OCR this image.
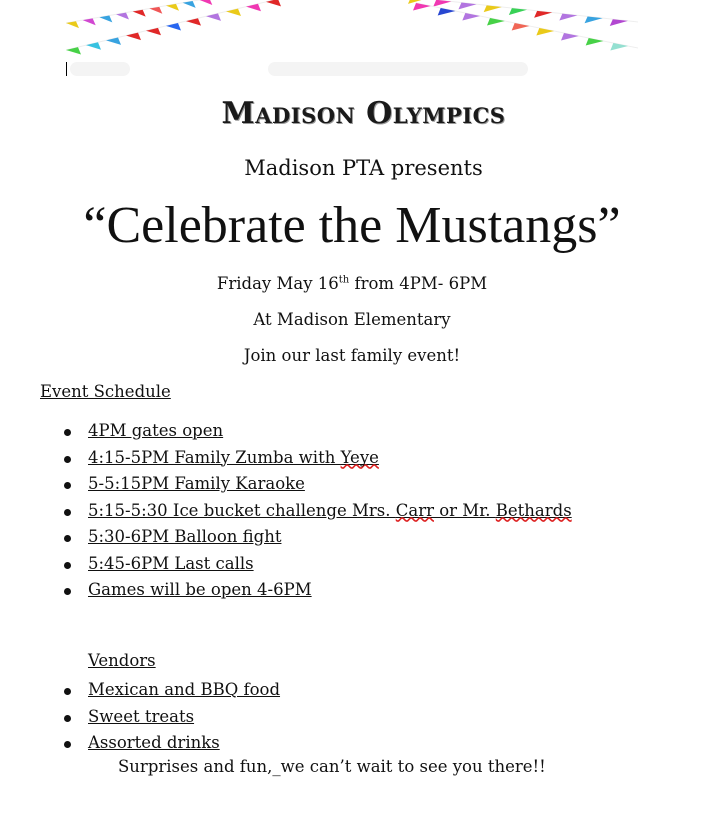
Madison Olympics
Madison PTA presents
“Celebrate the Mustangs”
Friday May 16th from 4PM- 6PM
At Madison Elementary
Join our last family event!
Event Schedule
4PM gates open
4:15-5PM Family Zumba with Yeye
5-5:15PM Family Karaoke
5:15-5:30 Ice bucket challenge Mrs. Carr or Mr. Bethards
5:30-6PM Balloon fight
5:45-6PM Last calls
Games will be open 4-6PM
Vendors
Mexican and BBQ food
Sweet treats
Assorted drinks
Surprises and fun,_we can’t wait to see you there!!
